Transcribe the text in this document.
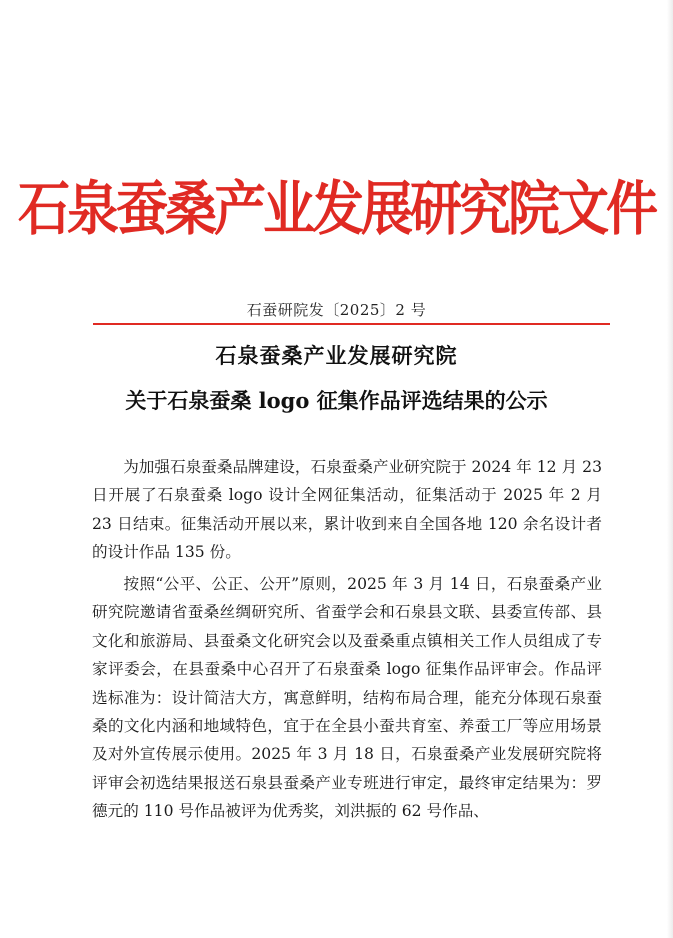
石泉蚕桑产业发展研究院文件
石蚕研院发〔2025〕2 号
石泉蚕桑产业发展研究院
关于石泉蚕桑 logo 征集作品评选结果的公示

为加强石泉蚕桑品牌建设，石泉蚕桑产业研究院于 2024 年 12 月 23 日开展了石泉蚕桑 logo 设计全网征集活动，征集活动于 2025 年 2 月 23 日结束。征集活动开展以来，累计收到来自全国各地 120 余名设计者的设计作品 135 份。

按照“公平、公正、公开”原则，2025 年 3 月 14 日，石泉蚕桑产业研究院邀请省蚕桑丝绸研究所、省蚕学会和石泉县文联、县委宣传部、县文化和旅游局、县蚕桑文化研究会以及蚕桑重点镇相关工作人员组成了专家评委会，在县蚕桑中心召开了石泉蚕桑 logo 征集作品评审会。作品评选标准为：设计简洁大方，寓意鲜明，结构布局合理，能充分体现石泉蚕桑的文化内涵和地域特色，宜于在全县小蚕共育室、养蚕工厂等应用场景及对外宣传展示使用。2025 年 3 月 18 日，石泉蚕桑产业发展研究院将评审会初选结果报送石泉县蚕桑产业专班进行审定，最终审定结果为：罗德元的 110 号作品被评为优秀奖，刘洪振的 62 号作品、
